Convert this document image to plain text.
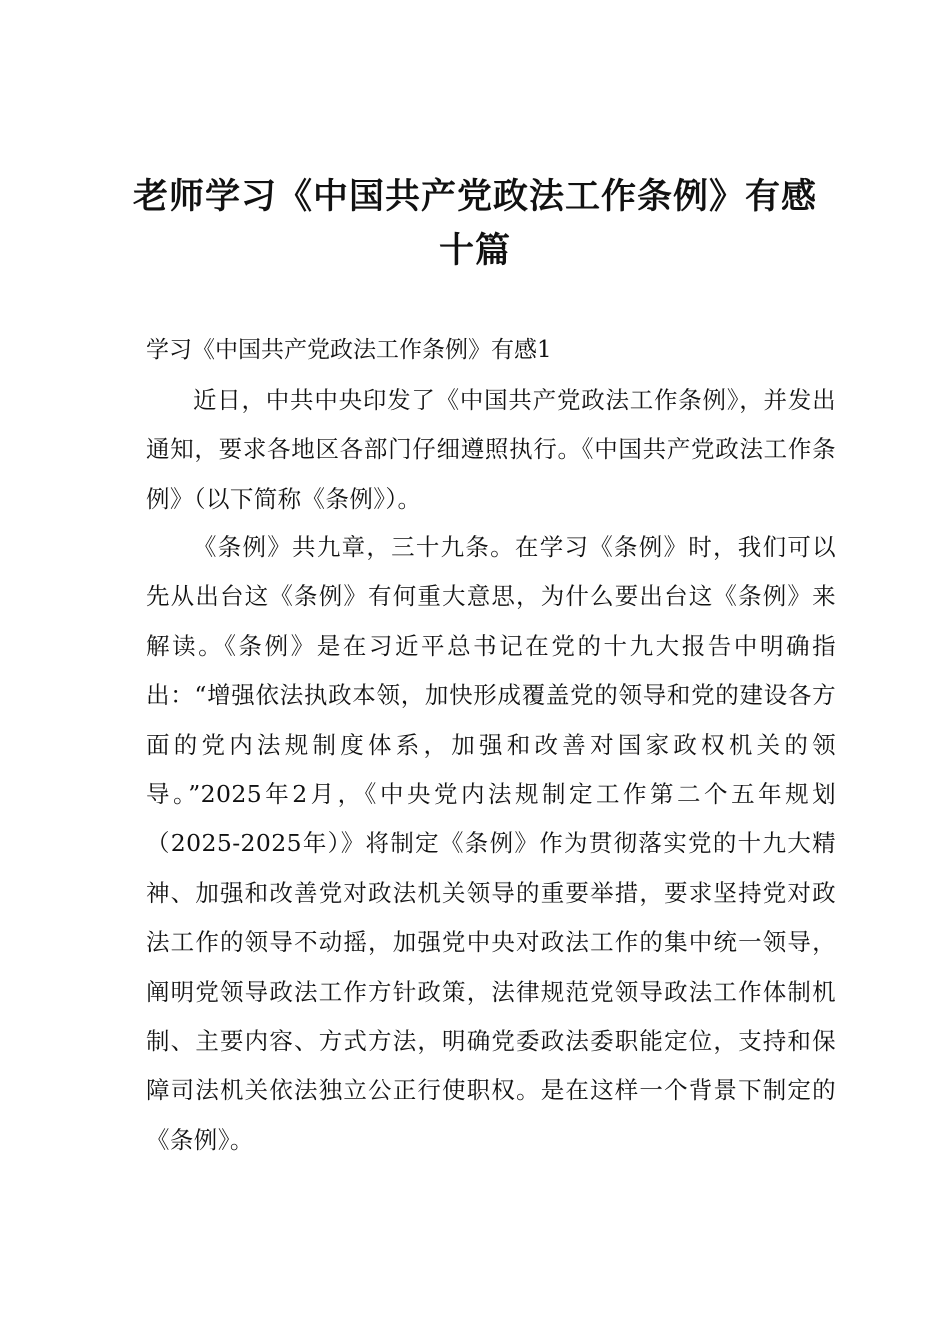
老师学习《中国共产党政法工作条例》有感十篇

学习《中国共产党政法工作条例》有感1

近日，中共中央印发了《中国共产党政法工作条例》，并发出通知，要求各地区各部门仔细遵照执行。《中国共产党政法工作条例》（以下简称《条例》）。

《条例》共九章，三十九条。在学习《条例》时，我们可以先从出台这《条例》有何重大意思，为什么要出台这《条例》来解读。《条例》是在习近平总书记在党的十九大报告中明确指出：“增强依法执政本领，加快形成覆盖党的领导和党的建设各方面的党内法规制度体系，加强和改善对国家政权机关的领导。”2025年2月，《中央党内法规制定工作第二个五年规划（2025-2025年）》将制定《条例》作为贯彻落实党的十九大精神、加强和改善党对政法机关领导的重要举措，要求坚持党对政法工作的领导不动摇，加强党中央对政法工作的集中统一领导，阐明党领导政法工作方针政策，法律规范党领导政法工作体制机制、主要内容、方式方法，明确党委政法委职能定位，支持和保障司法机关依法独立公正行使职权。是在这样一个背景下制定的《条例》。
